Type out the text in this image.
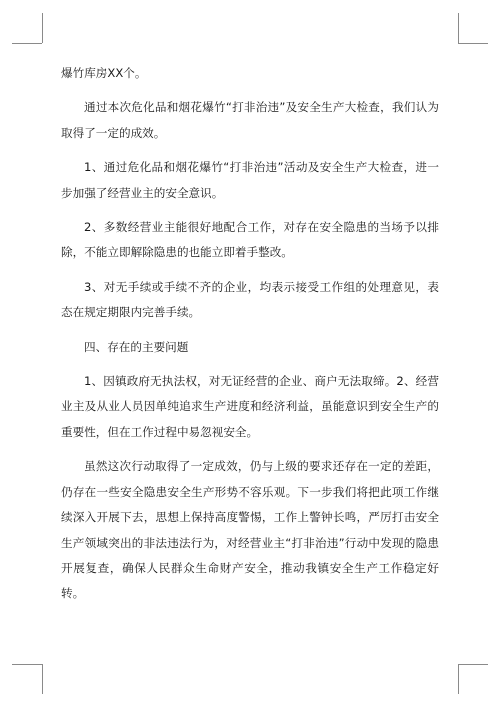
爆竹库房XX个。

通过本次危化品和烟花爆竹“打非治违”及安全生产大检查，我们认为取得了一定的成效。

1、通过危化品和烟花爆竹“打非治违”活动及安全生产大检查，进一步加强了经营业主的安全意识。

2、多数经营业主能很好地配合工作，对存在安全隐患的当场予以排除，不能立即解除隐患的也能立即着手整改。

3、对无手续或手续不齐的企业，均表示接受工作组的处理意见，表态在规定期限内完善手续。

四、存在的主要问题

1、因镇政府无执法权，对无证经营的企业、商户无法取缔。2、经营业主及从业人员因单纯追求生产进度和经济利益，虽能意识到安全生产的重要性，但在工作过程中易忽视安全。

虽然这次行动取得了一定成效，仍与上级的要求还存在一定的差距，仍存在一些安全隐患安全生产形势不容乐观。下一步我们将把此项工作继续深入开展下去，思想上保持高度警惕，工作上警钟长鸣，严厉打击安全生产领域突出的非法违法行为，对经营业主“打非治违”行动中发现的隐患开展复查，确保人民群众生命财产安全，推动我镇安全生产工作稳定好转。
